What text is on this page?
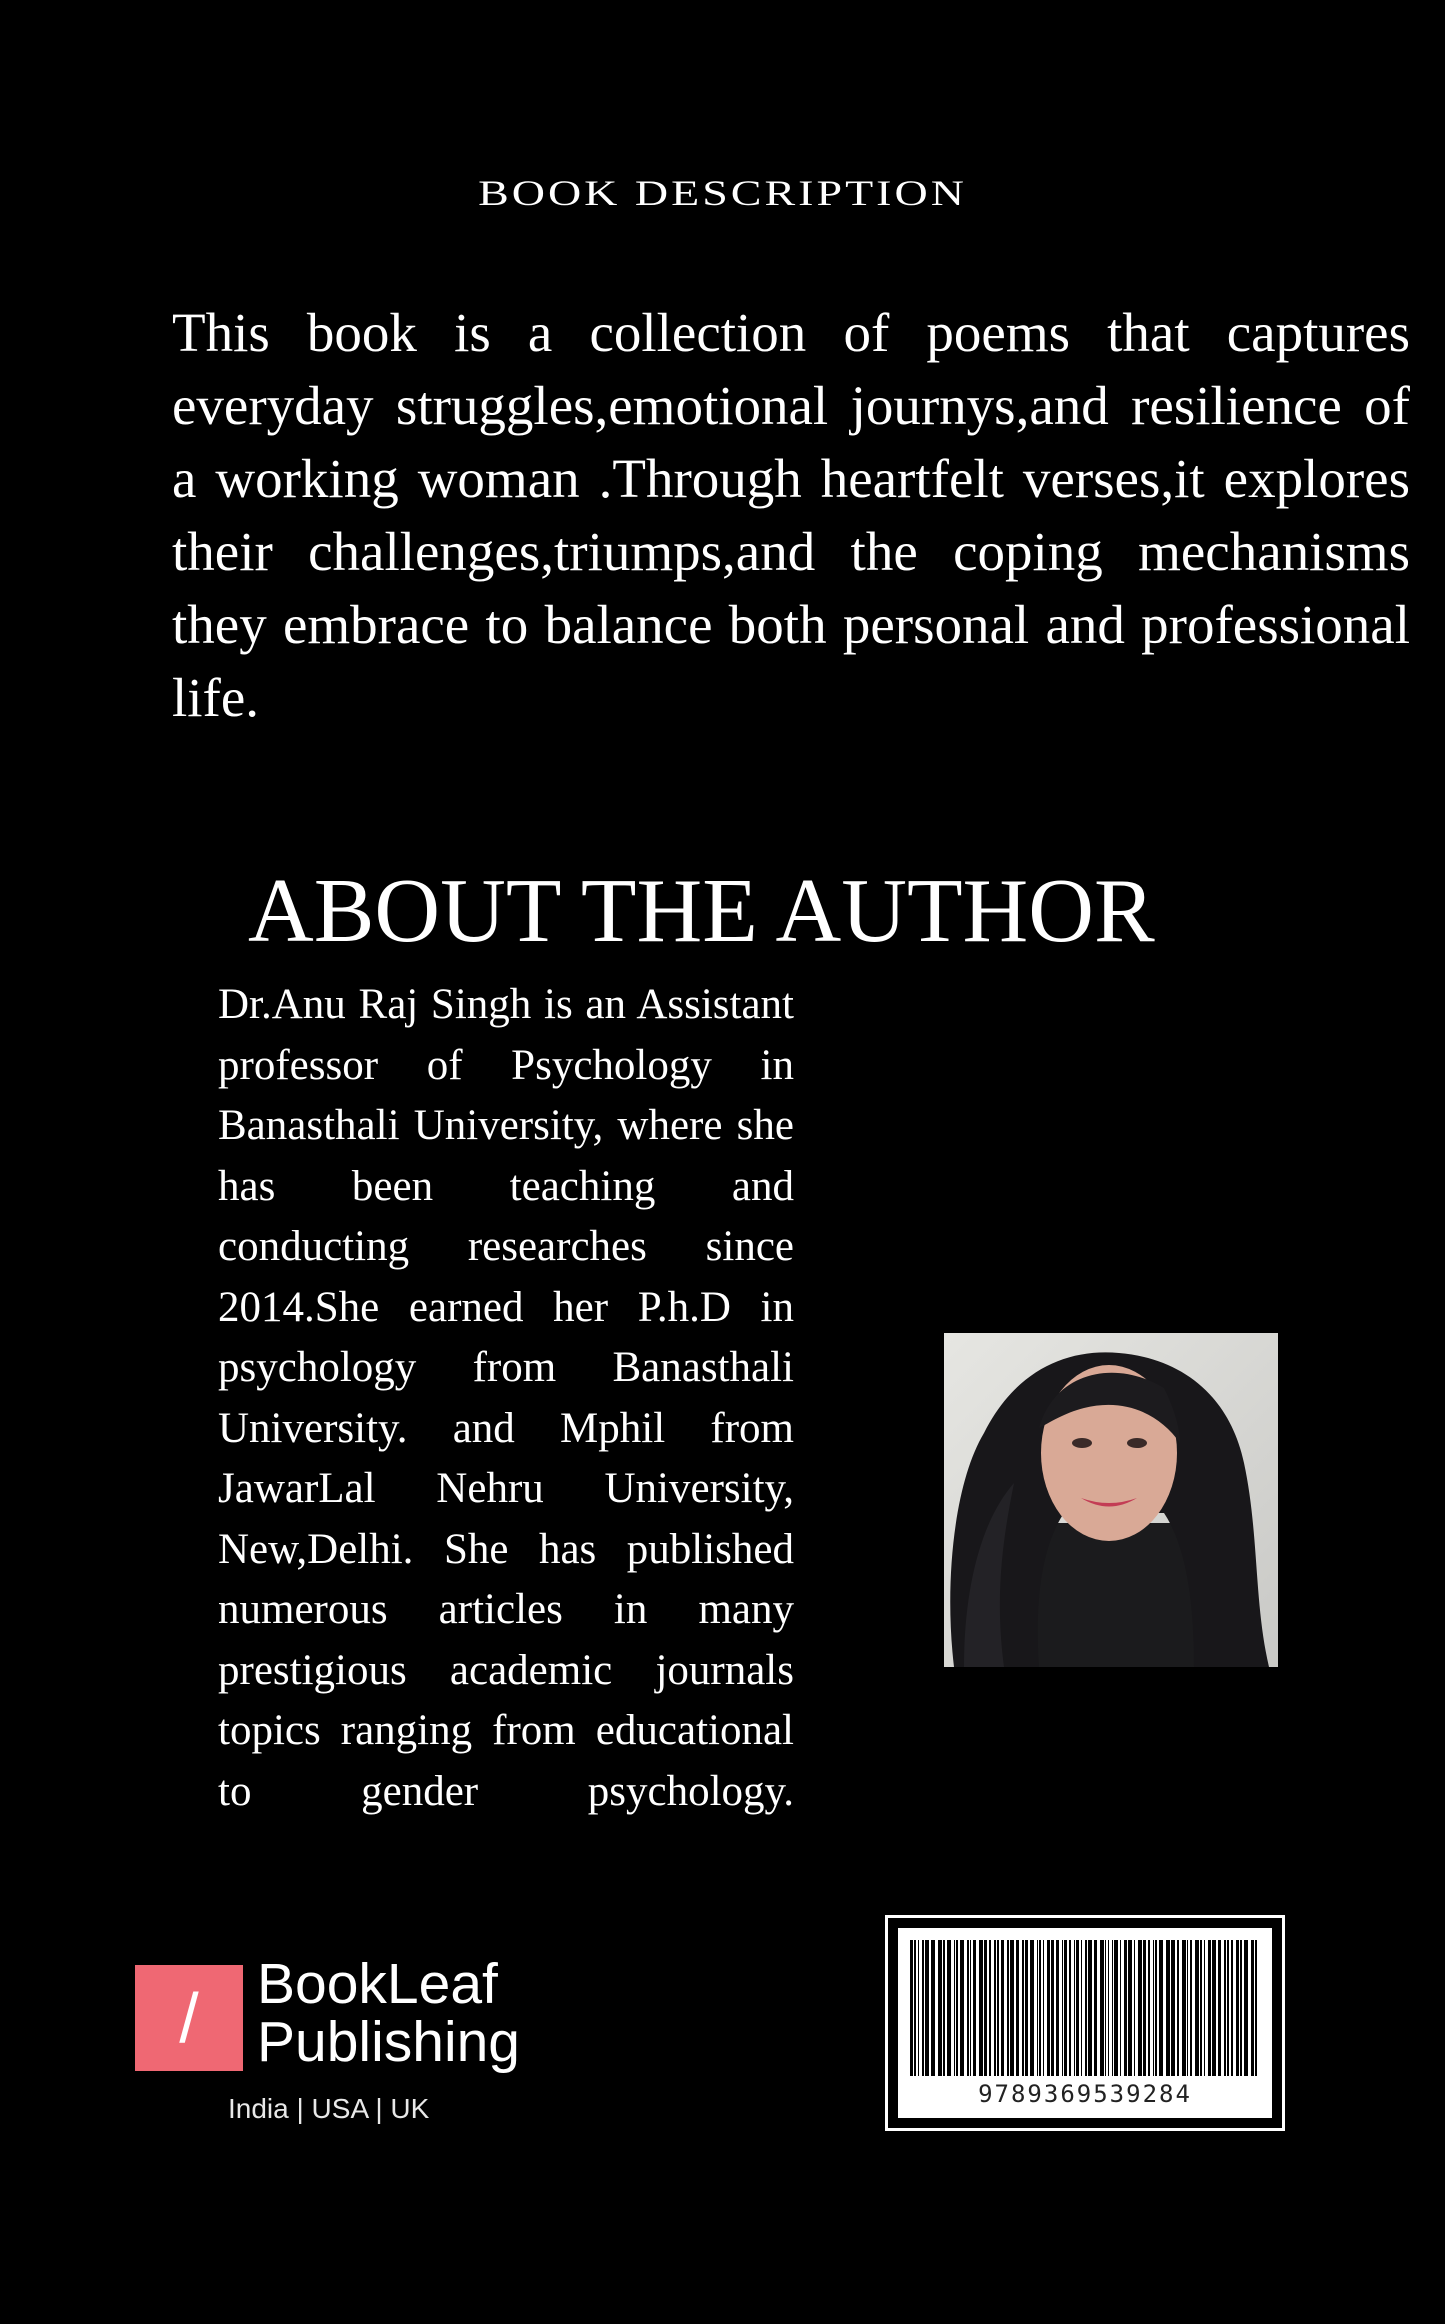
BOOK DESCRIPTION
This book is a collection of poems that captures everyday struggles,emotional journys,and resilience of a working woman .Through heartfelt verses,it explores their challenges,triumps,and the coping mechanisms they embrace to balance both personal and professional life.
ABOUT THE AUTHOR
Dr.Anu Raj Singh is an Assistant professor of Psychology in Banasthali University, where she has been teaching and conducting researches since 2014.She earned her P.h.D in psychology from Banasthali University. and Mphil from JawarLal Nehru University, New,Delhi. She has published numerous articles in many prestigious academic journals topics ranging from educational to gender psychology.
/	BookLeaf
Publishing
India | USA | UK	9789369539284
